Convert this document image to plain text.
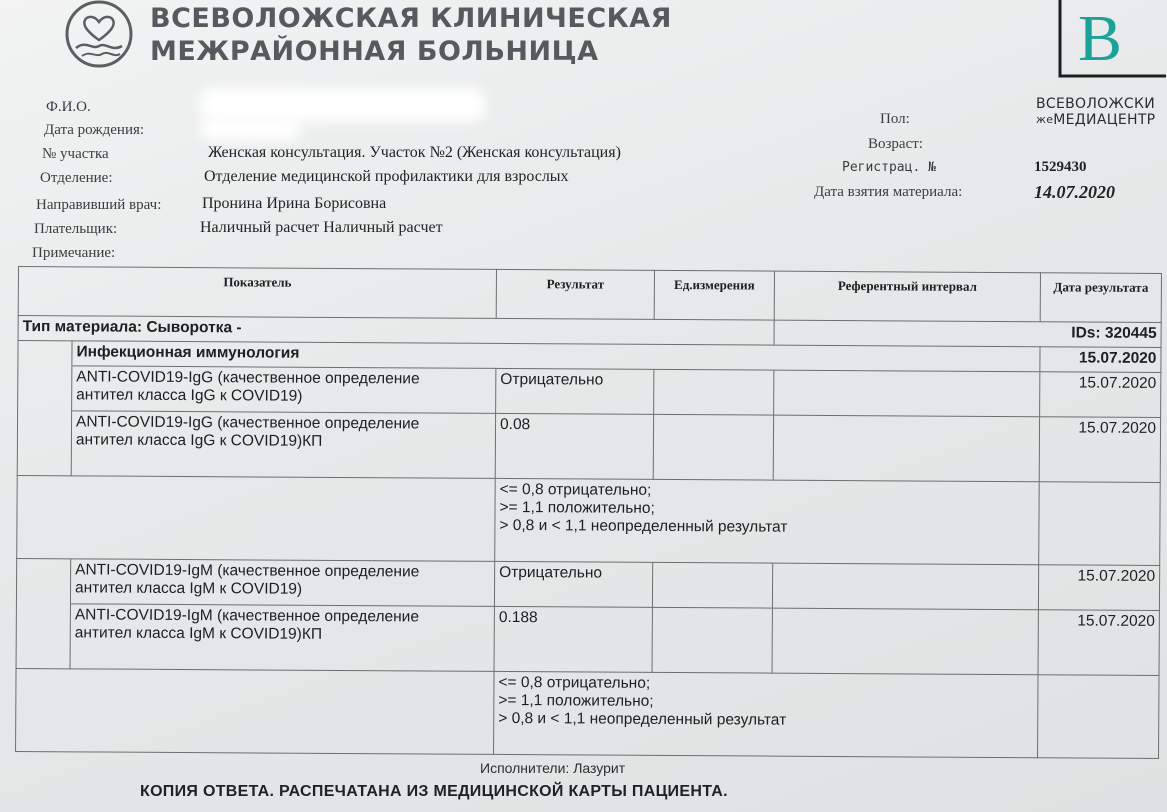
ВСЕВОЛОЖСКАЯ КЛИНИЧЕСКАЯ
МЕЖРАЙОННАЯ БОЛЬНИЦА	В
ВСЕВОЛОЖСКИ
$^{же}$МЕДИАЦЕНТР
Ф.И.О.
Дата рождения:
№ участка	Женская консультация. Участок №2 (Женская консультация)
Отделение:	Отделение медицинской профилактики для взрослых
Направивший врач:	Пронина Ирина Борисовна
Плательщик:	Наличный расчет Наличный расчет
Примечание:
Пол:
Возраст:
Регистрац. №	1529430
Дата взятия материала:	14.07.2020
Показатель		Результат	Ед.измерения	Референтный интервал	Дата результата
Тип материала: Сыворотка -				IDs: 320445	
	Инфекционная иммунология				15.07.2020

	ANTI-COVID19-IgG (качественное определение
антител класса IgG к COVID19)	Отрицательно			15.07.2020

	ANTI-COVID19-IgG (качественное определение
антител класса IgG к COVID19)КП	0.08			15.07.2020

		<= 0,8 отрицательно;
>= 1,1 положительно;
> 0,8 и < 1,1 неопределенный результат			

	ANTI-COVID19-IgM (качественное определение
антител класса IgM к COVID19)	Отрицательно			15.07.2020

	ANTI-COVID19-IgM (качественное определение
антител класса IgM к COVID19)КП	0.188			15.07.2020

		<= 0,8 отрицательно;
>= 1,1 положительно;
> 0,8 и < 1,1 неопределенный результат			

Исполнители: Лазурит
КОПИЯ ОТВЕТА. РАСПЕЧАТАНА ИЗ МЕДИЦИНСКОЙ КАРТЫ ПАЦИЕНТА.
